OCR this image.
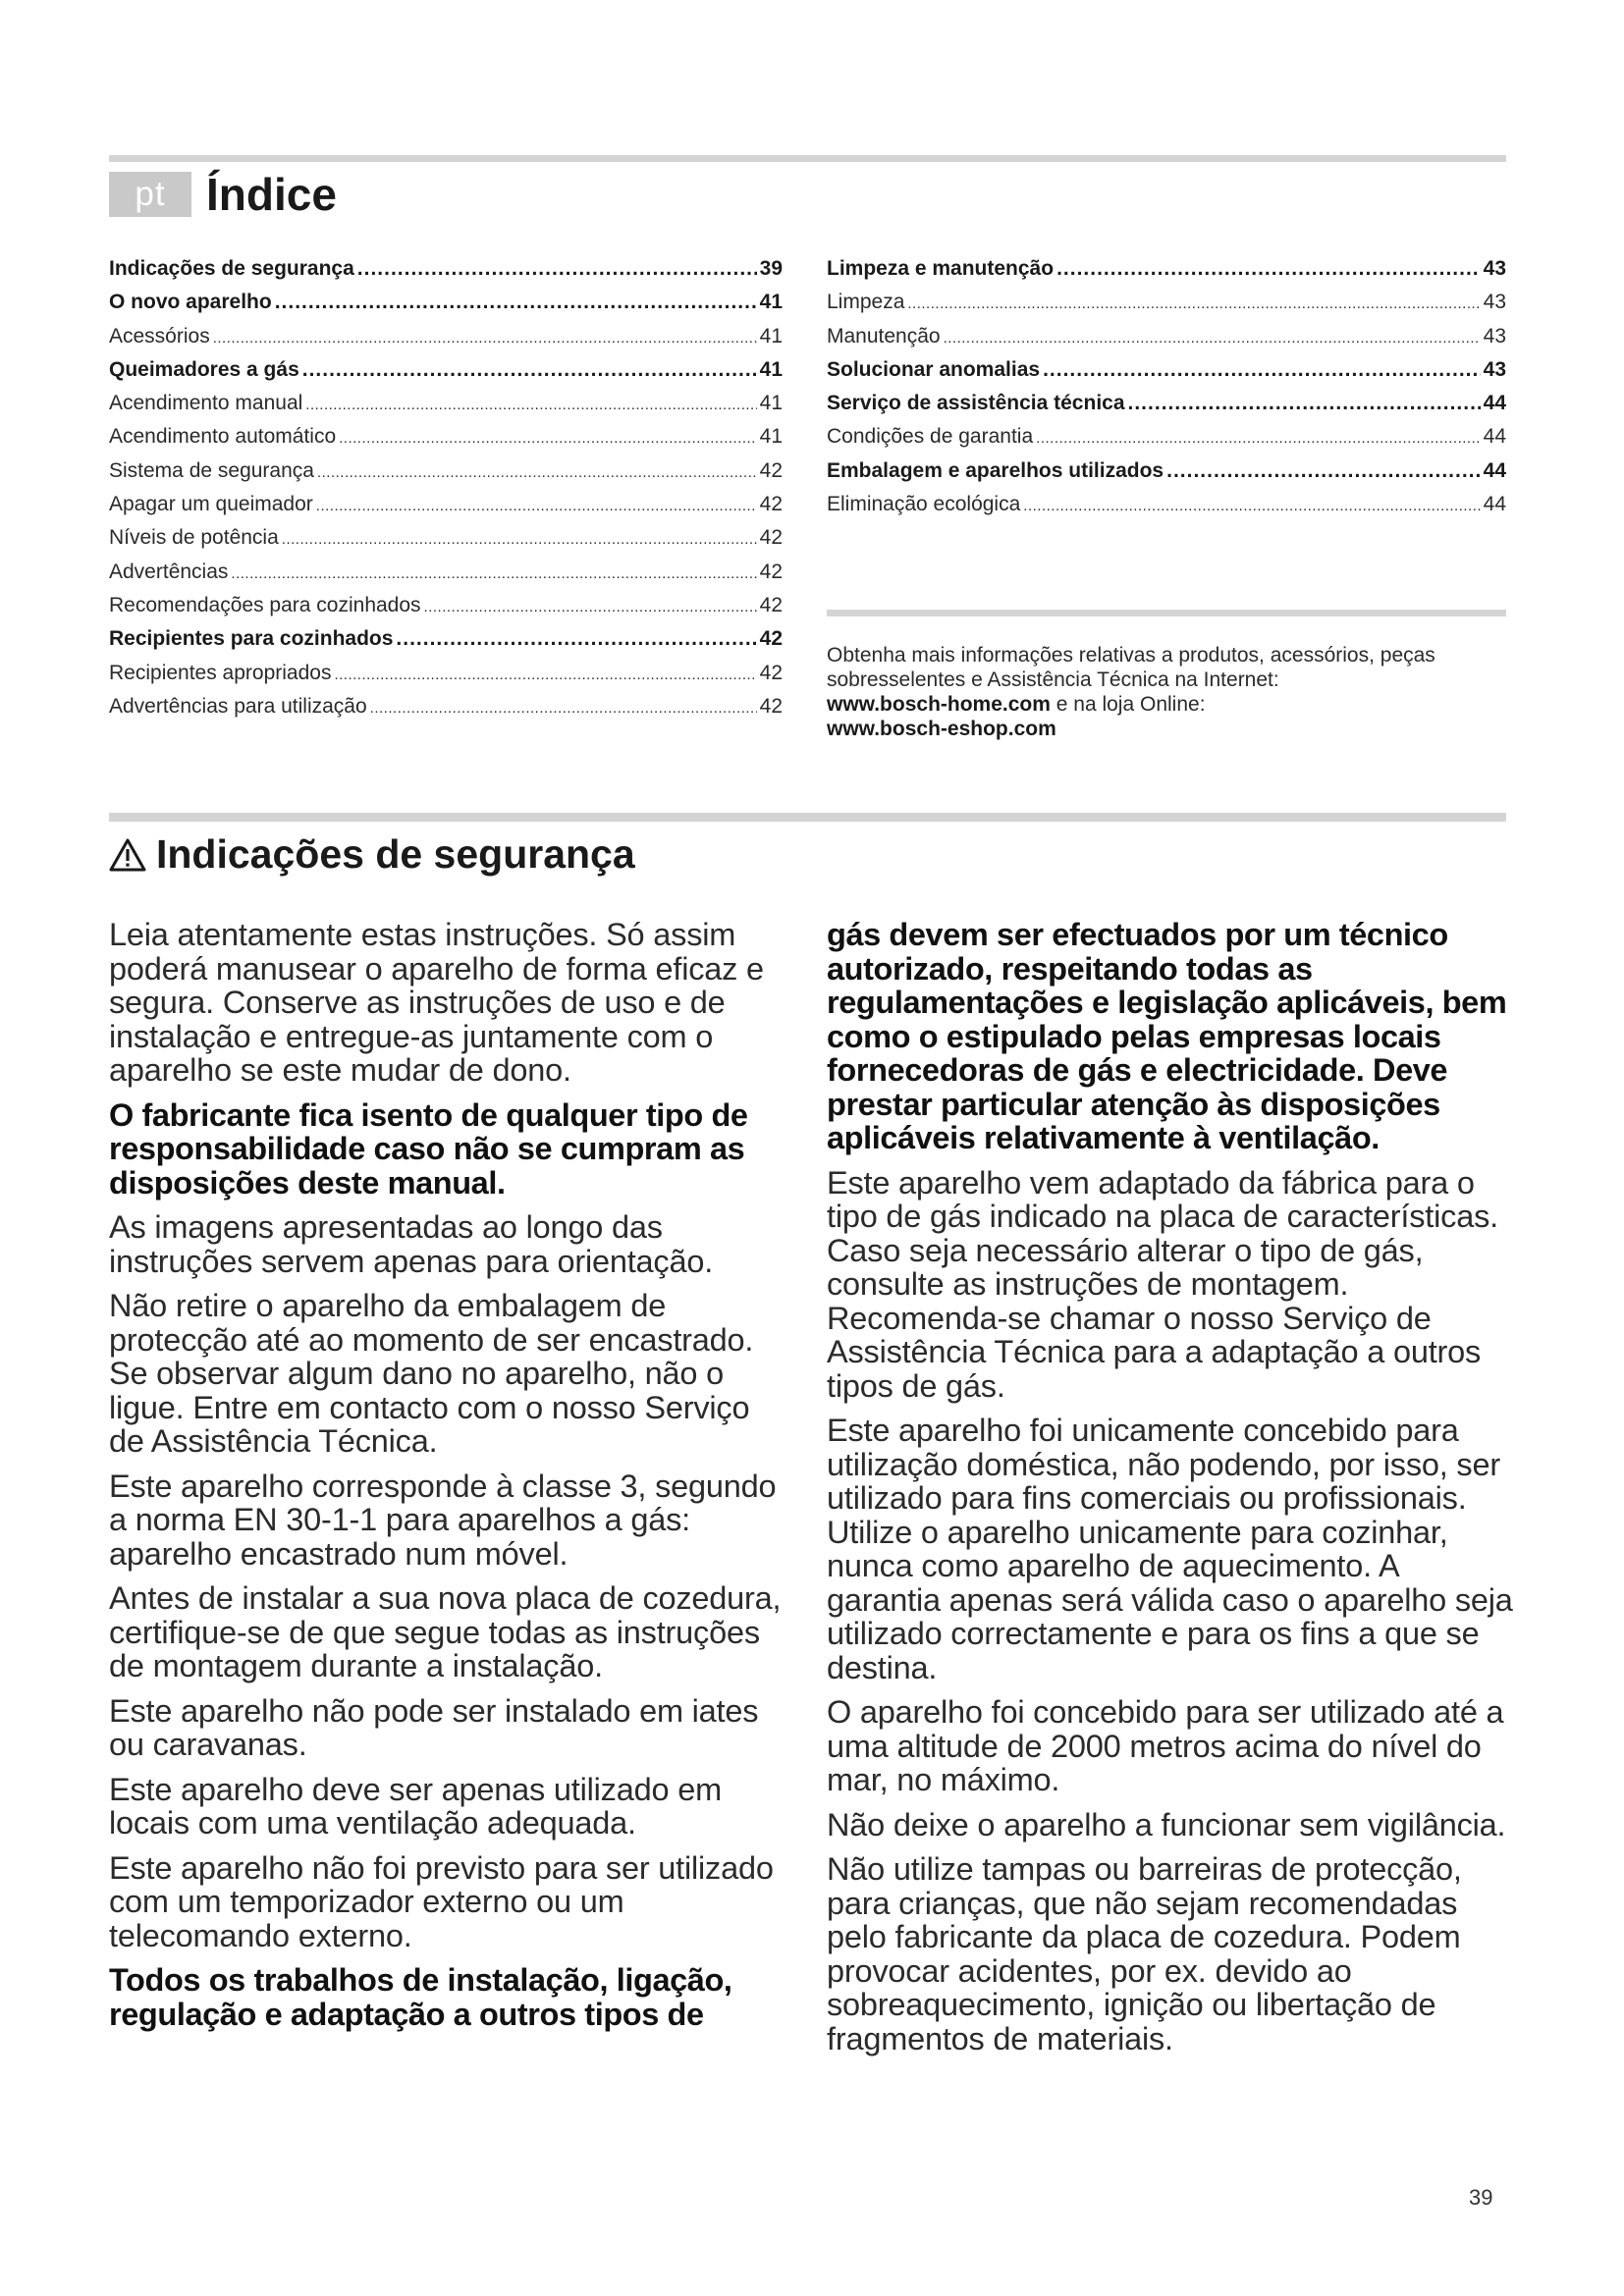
pt Índice
Indicações de segurança .....	39
O novo aparelho .....	41
Acessórios .....	41
Queimadores a gás .....	41
Acendimento manual .....	41
Acendimento automático .....	41
Sistema de segurança .....	42
Apagar um queimador .....	42
Níveis de potência .....	42
Advertências .....	42
Recomendações para cozinhados .....	42
Recipientes para cozinhados .....	42
Recipientes apropriados .....	42
Advertências para utilização .....	42
Limpeza e manutenção .....	43
Limpeza .....	43
Manutenção .....	43
Solucionar anomalias .....	43
Serviço de assistência técnica .....	44
Condições de garantia .....	44
Embalagem e aparelhos utilizados .....	44
Eliminação ecológica .....	44

Obtenha mais informações relativas a produtos, acessórios, peças sobresselentes e Assistência Técnica na Internet:
www.bosch-home.com e na loja Online:
www.bosch-eshop.com

Indicações de segurança

Leia atentamente estas instruções. Só assim poderá manusear o aparelho de forma eficaz e segura. Conserve as instruções de uso e de instalação e entregue-as juntamente com o aparelho se este mudar de dono.

O fabricante fica isento de qualquer tipo de responsabilidade caso não se cumpram as disposições deste manual.

As imagens apresentadas ao longo das instruções servem apenas para orientação.

Não retire o aparelho da embalagem de protecção até ao momento de ser encastrado. Se observar algum dano no aparelho, não o ligue. Entre em contacto com o nosso Serviço de Assistência Técnica.

Este aparelho corresponde à classe 3, segundo a norma EN 30-1-1 para aparelhos a gás: aparelho encastrado num móvel.

Antes de instalar a sua nova placa de cozedura, certifique-se de que segue todas as instruções de montagem durante a instalação.

Este aparelho não pode ser instalado em iates ou caravanas.

Este aparelho deve ser apenas utilizado em locais com uma ventilação adequada.

Este aparelho não foi previsto para ser utilizado com um temporizador externo ou um telecomando externo.

Todos os trabalhos de instalação, ligação, regulação e adaptação a outros tipos de

gás devem ser efectuados por um técnico autorizado, respeitando todas as regulamentações e legislação aplicáveis, bem como o estipulado pelas empresas locais fornecedoras de gás e electricidade. Deve prestar particular atenção às disposições aplicáveis relativamente à ventilação.

Este aparelho vem adaptado da fábrica para o tipo de gás indicado na placa de características. Caso seja necessário alterar o tipo de gás, consulte as instruções de montagem. Recomenda-se chamar o nosso Serviço de Assistência Técnica para a adaptação a outros tipos de gás.

Este aparelho foi unicamente concebido para utilização doméstica, não podendo, por isso, ser utilizado para fins comerciais ou profissionais. Utilize o aparelho unicamente para cozinhar, nunca como aparelho de aquecimento. A garantia apenas será válida caso o aparelho seja utilizado correctamente e para os fins a que se destina.

O aparelho foi concebido para ser utilizado até a uma altitude de 2000 metros acima do nível do mar, no máximo.

Não deixe o aparelho a funcionar sem vigilância.

Não utilize tampas ou barreiras de protecção, para crianças, que não sejam recomendadas pelo fabricante da placa de cozedura. Podem provocar acidentes, por ex. devido ao sobreaquecimento, ignição ou libertação de fragmentos de materiais.

39
